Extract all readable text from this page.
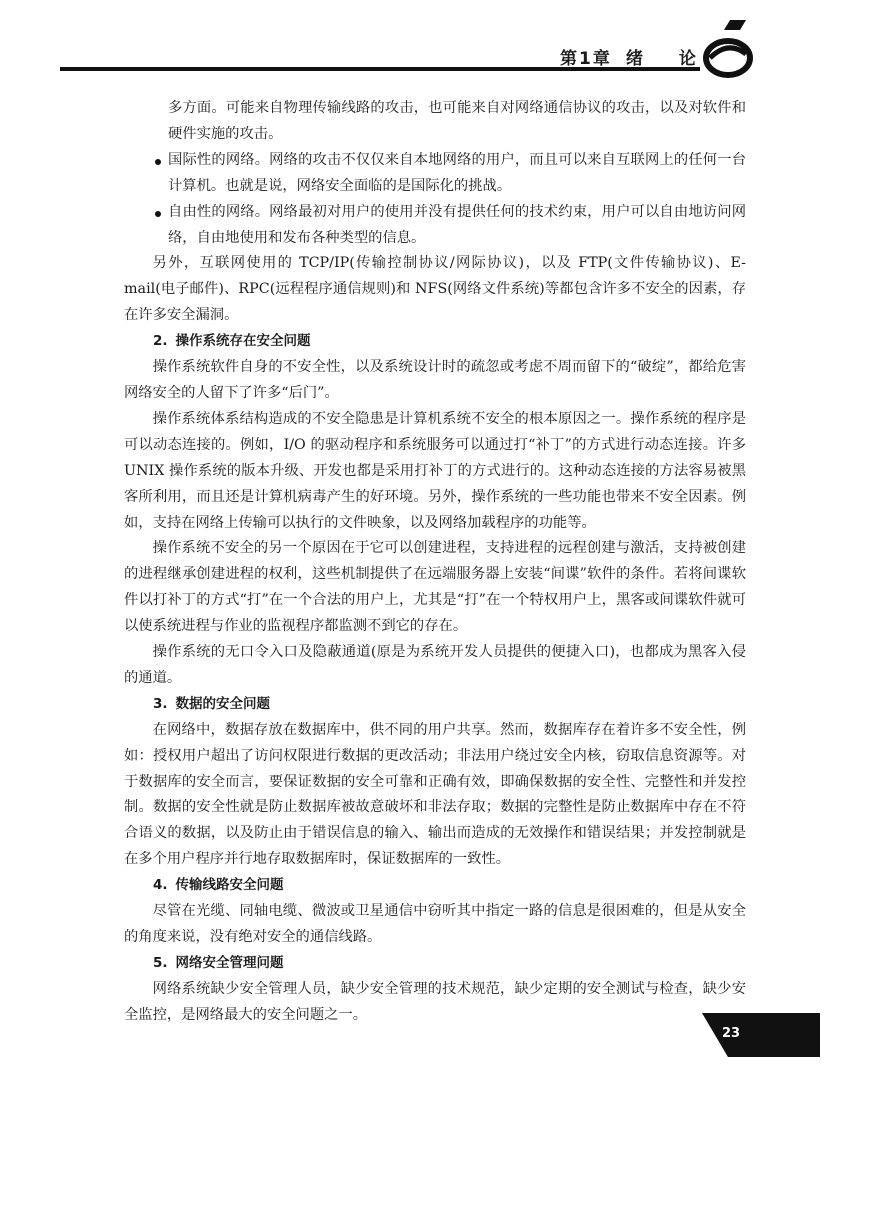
第1章 绪 论

多方面。可能来自物理传输线路的攻击，也可能来自对网络通信协议的攻击，以及对软件和硬件实施的攻击。

国际性的网络。网络的攻击不仅仅来自本地网络的用户，而且可以来自互联网上的任何一台计算机。也就是说，网络安全面临的是国际化的挑战。

自由性的网络。网络最初对用户的使用并没有提供任何的技术约束，用户可以自由地访问网络，自由地使用和发布各种类型的信息。

另外，互联网使用的 TCP/IP(传输控制协议/网际协议)，以及 FTP(文件传输协议)、E-mail(电子邮件)、RPC(远程程序通信规则)和 NFS(网络文件系统)等都包含许多不安全的因素，存在许多安全漏洞。

2. 操作系统存在安全问题

操作系统软件自身的不安全性，以及系统设计时的疏忽或考虑不周而留下的“破绽”，都给危害网络安全的人留下了许多“后门”。

操作系统体系结构造成的不安全隐患是计算机系统不安全的根本原因之一。操作系统的程序是可以动态连接的。例如，I/O 的驱动程序和系统服务可以通过打“补丁”的方式进行动态连接。许多 UNIX 操作系统的版本升级、开发也都是采用打补丁的方式进行的。这种动态连接的方法容易被黑客所利用，而且还是计算机病毒产生的好环境。另外，操作系统的一些功能也带来不安全因素。例如，支持在网络上传输可以执行的文件映象，以及网络加载程序的功能等。

操作系统不安全的另一个原因在于它可以创建进程，支持进程的远程创建与激活，支持被创建的进程继承创建进程的权利，这些机制提供了在远端服务器上安装“间谍”软件的条件。若将间谍软件以打补丁的方式“打”在一个合法的用户上，尤其是“打”在一个特权用户上，黑客或间谍软件就可以使系统进程与作业的监视程序都监测不到它的存在。

操作系统的无口令入口及隐蔽通道(原是为系统开发人员提供的便捷入口)，也都成为黑客入侵的通道。

3. 数据的安全问题

在网络中，数据存放在数据库中，供不同的用户共享。然而，数据库存在着许多不安全性，例如：授权用户超出了访问权限进行数据的更改活动；非法用户绕过安全内核，窃取信息资源等。对于数据库的安全而言，要保证数据的安全可靠和正确有效，即确保数据的安全性、完整性和并发控制。数据的安全性就是防止数据库被故意破坏和非法存取；数据的完整性是防止数据库中存在不符合语义的数据，以及防止由于错误信息的输入、输出而造成的无效操作和错误结果；并发控制就是在多个用户程序并行地存取数据库时，保证数据库的一致性。

4. 传输线路安全问题

尽管在光缆、同轴电缆、微波或卫星通信中窃听其中指定一路的信息是很困难的，但是从安全的角度来说，没有绝对安全的通信线路。

5. 网络安全管理问题

网络系统缺少安全管理人员，缺少安全管理的技术规范，缺少定期的安全测试与检查，缺少安全监控，是网络最大的安全问题之一。

23
